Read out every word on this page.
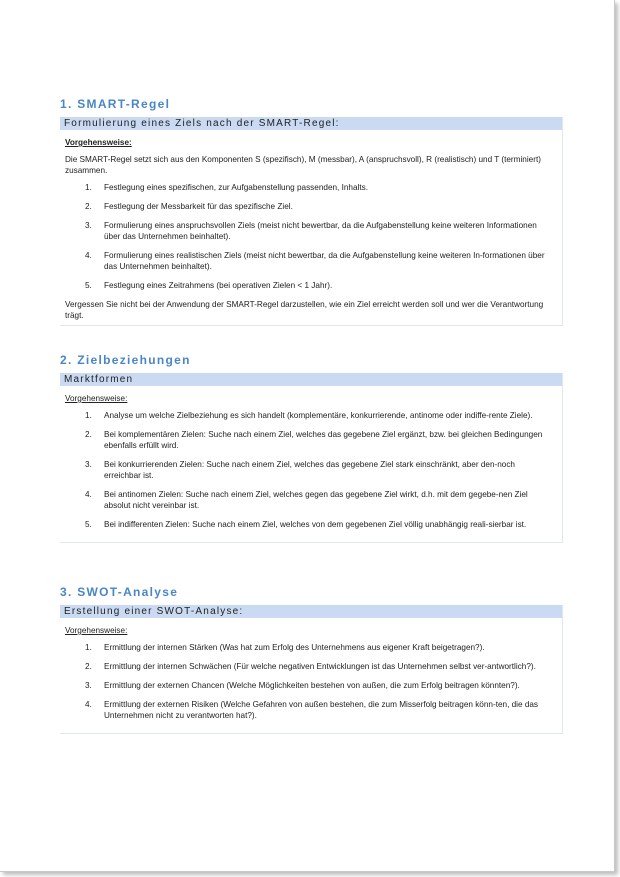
1. SMART-Regel
Formulierung eines Ziels nach der SMART-Regel:
Vorgehensweise:
Die SMART-Regel setzt sich aus den Komponenten S (spezifisch), M (messbar), A (anspruchsvoll), R (realistisch) und T (terminiert) zusammen.
1. Festlegung eines spezifischen, zur Aufgabenstellung passenden, Inhalts.
2. Festlegung der Messbarkeit für das spezifische Ziel.
3. Formulierung eines anspruchsvollen Ziels (meist nicht bewertbar, da die Aufgabenstellung keine weiteren Informationen über das Unternehmen beinhaltet).
4. Formulierung eines realistischen Ziels (meist nicht bewertbar, da die Aufgabenstellung keine weiteren In-formationen über das Unternehmen beinhaltet).
5. Festlegung eines Zeitrahmens (bei operativen Zielen < 1 Jahr).
Vergessen Sie nicht bei der Anwendung der SMART-Regel darzustellen, wie ein Ziel erreicht werden soll und wer die Verantwortung trägt.
2. Zielbeziehungen
Marktformen
Vorgehensweise:
1. Analyse um welche Zielbeziehung es sich handelt (komplementäre, konkurrierende, antinome oder indiffe-rente Ziele).
2. Bei komplementären Zielen: Suche nach einem Ziel, welches das gegebene Ziel ergänzt, bzw. bei gleichen Bedingungen ebenfalls erfüllt wird.
3. Bei konkurrierenden Zielen: Suche nach einem Ziel, welches das gegebene Ziel stark einschränkt, aber den-noch erreichbar ist.
4. Bei antinomen Zielen: Suche nach einem Ziel, welches gegen das gegebene Ziel wirkt, d.h. mit dem gegebe-nen Ziel absolut nicht vereinbar ist.
5. Bei indifferenten Zielen: Suche nach einem Ziel, welches von dem gegebenen Ziel völlig unabhängig reali-sierbar ist.
3. SWOT-Analyse
Erstellung einer SWOT-Analyse:
Vorgehensweise:
1. Ermittlung der internen Stärken (Was hat zum Erfolg des Unternehmens aus eigener Kraft beigetragen?).
2. Ermittlung der internen Schwächen (Für welche negativen Entwicklungen ist das Unternehmen selbst ver-antwortlich?).
3. Ermittlung der externen Chancen (Welche Möglichkeiten bestehen von außen, die zum Erfolg beitragen könnten?).
4. Ermittlung der externen Risiken (Welche Gefahren von außen bestehen, die zum Misserfolg beitragen könn-ten, die das Unternehmen nicht zu verantworten hat?).
